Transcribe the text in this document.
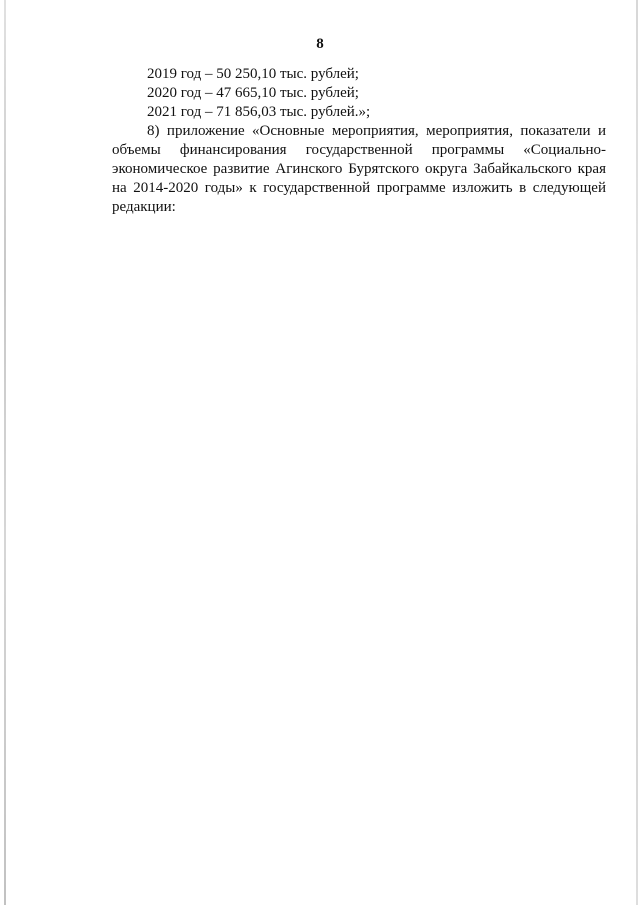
8
2019 год – 50 250,10 тыс. рублей;
2020 год – 47 665,10 тыс. рублей;
2021 год – 71 856,03 тыс. рублей.»;
8) приложение «Основные мероприятия, мероприятия, показатели и
объемы финансирования государственной программы «Социально-
экономическое развитие Агинского Бурятского округа Забайкальского края
на 2014-2020 годы» к государственной программе изложить в следующей
редакции:
